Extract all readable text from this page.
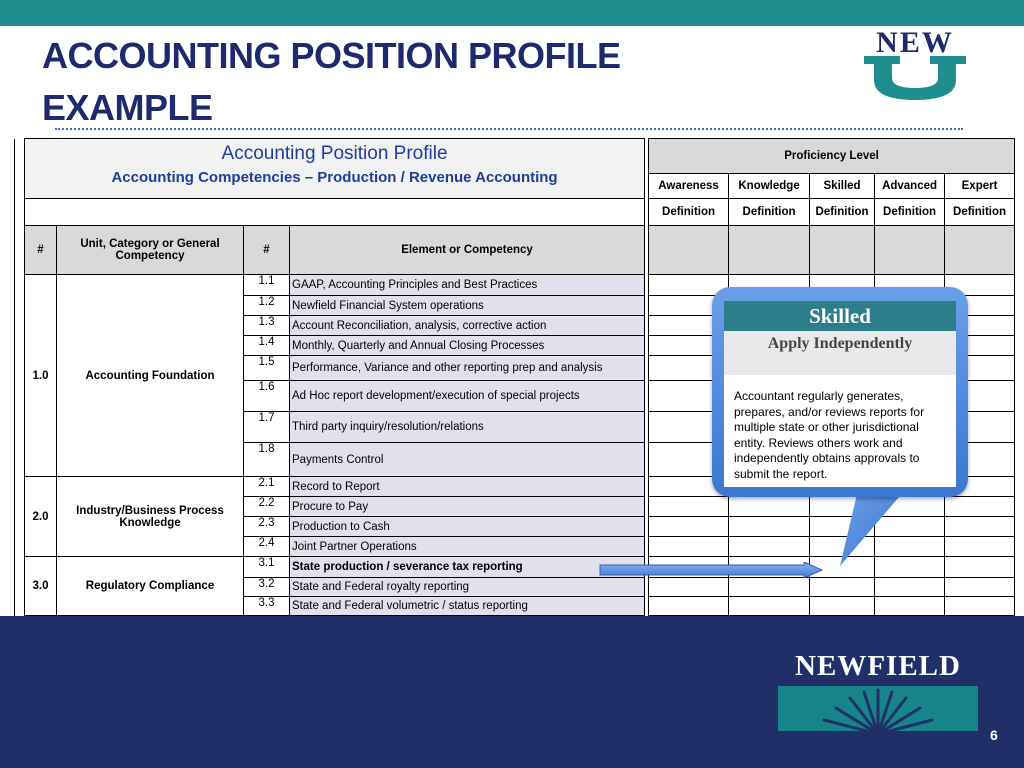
ACCOUNTING POSITION PROFILE EXAMPLE
NEW

	Accounting Position Profile
Accounting Competencies – Production / Revenue Accounting					Proficiency Level				
						Awareness	Knowledge	Skilled	Advanced	Expert
						Definition	Definition	Definition	Definition	Definition
	#	Unit, Category or General Competency	#	Element or Competency						
	1.0	Accounting Foundation	1.1	GAAP, Accounting Principles and Best Practices						
			1.2	Newfield Financial System operations						
			1.3	Account Reconciliation, analysis, corrective action						
			1.4	Monthly, Quarterly and Annual Closing Processes						
			1.5	Performance, Variance and other reporting prep and analysis						
			1.6	Ad Hoc report development/execution of special projects						
			1.7	Third party inquiry/resolution/relations						
			1.8	Payments Control						
	2.0	Industry/Business Process Knowledge	2.1	Record to Report						
			2.2	Procure to Pay						
			2.3	Production to Cash						
			2.4	Joint Partner Operations						
	3.0	Regulatory Compliance	3.1	State production / severance tax reporting						
			3.2	State and Federal royalty reporting						
			3.3	State and Federal volumetric / status reporting						
NEWFIELD
6
Skilled
Apply Independently
Accountant regularly generates, prepares, and/or reviews reports for multiple state or other jurisdictional entity. Reviews others work and independently obtains approvals to submit the report.
